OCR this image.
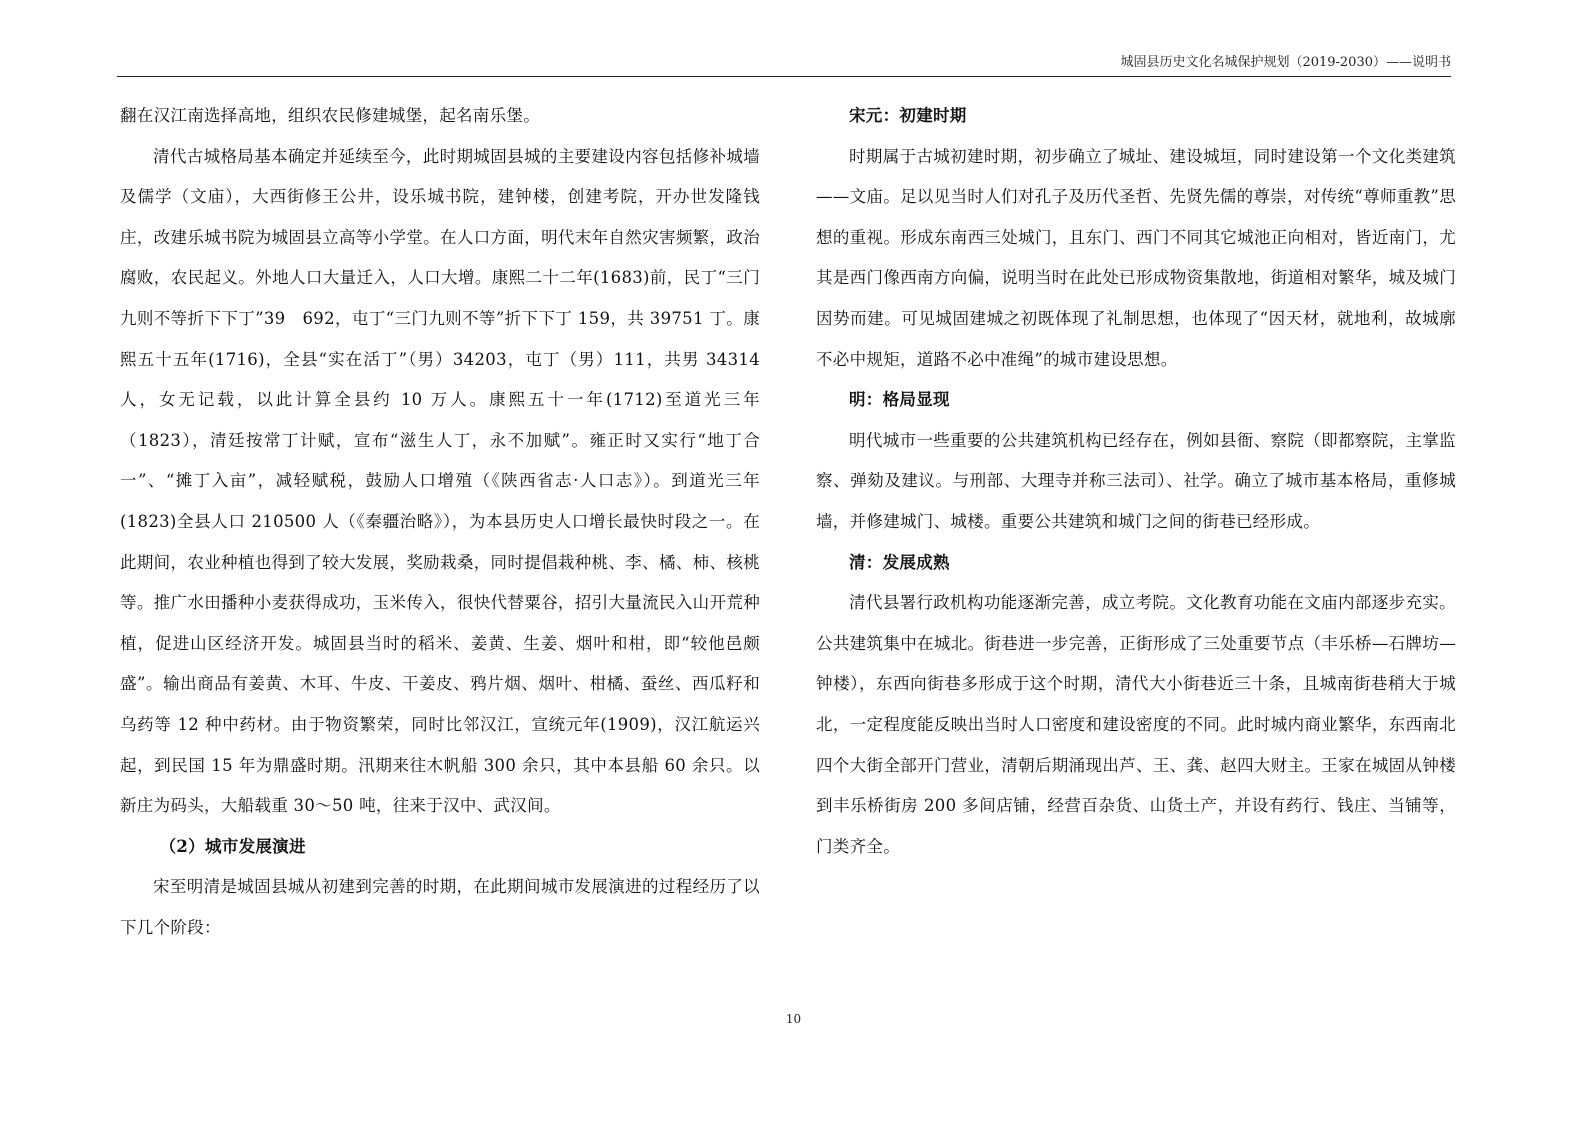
城固县历史文化名城保护规划（2019-2030）——说明书

翻在汉江南选择高地，组织农民修建城堡，起名南乐堡。

清代古城格局基本确定并延续至今，此时期城固县城的主要建设内容包括修补城墙及儒学（文庙），大西街修王公井，设乐城书院，建钟楼，创建考院，开办世发隆钱庄，改建乐城书院为城固县立高等小学堂。在人口方面，明代末年自然灾害频繁，政治腐败，农民起义。外地人口大量迁入，人口大增。康熙二十二年(1683)前，民丁“三门九则不等折下下丁”39　692，屯丁“三门九则不等”折下下丁 159，共 39751 丁。康熙五十五年(1716)，全县“实在活丁”（男）34203，屯丁（男）111，共男 34314 人，女无记载，以此计算全县约 10 万人。康熙五十一年(1712)至道光三年（1823），清廷按常丁计赋，宣布“滋生人丁，永不加赋”。雍正时又实行“地丁合一”、“摊丁入亩”，减轻赋税，鼓励人口增殖（《陕西省志·人口志》）。到道光三年(1823)全县人口 210500 人（《秦疆治略》），为本县历史人口增长最快时段之一。在此期间，农业种植也得到了较大发展，奖励栽桑，同时提倡栽种桃、李、橘、柿、核桃等。推广水田播种小麦获得成功，玉米传入，很快代替粟谷，招引大量流民入山开荒种植，促进山区经济开发。城固县当时的稻米、姜黄、生姜、烟叶和柑，即“较他邑颇盛”。输出商品有姜黄、木耳、牛皮、干姜皮、鸦片烟、烟叶、柑橘、蚕丝、西瓜籽和乌药等 12 种中药材。由于物资繁荣，同时比邻汉江，宣统元年(1909)，汉江航运兴起，到民国 15 年为鼎盛时期。汛期来往木帆船 300 余只，其中本县船 60 余只。以新庄为码头，大船载重 30～50 吨，往来于汉中、武汉间。

（2）城市发展演进

宋至明清是城固县城从初建到完善的时期，在此期间城市发展演进的过程经历了以下几个阶段：

宋元：初建时期

时期属于古城初建时期，初步确立了城址、建设城垣，同时建设第一个文化类建筑——文庙。足以见当时人们对孔子及历代圣哲、先贤先儒的尊崇，对传统“尊师重教”思想的重视。形成东南西三处城门，且东门、西门不同其它城池正向相对，皆近南门，尤其是西门像西南方向偏，说明当时在此处已形成物资集散地，街道相对繁华，城及城门因势而建。可见城固建城之初既体现了礼制思想，也体现了“因天材，就地利，故城廓不必中规矩，道路不必中准绳”的城市建设思想。

明：格局显现

明代城市一些重要的公共建筑机构已经存在，例如县衙、察院（即都察院，主掌监察、弹劾及建议。与刑部、大理寺并称三法司）、社学。确立了城市基本格局，重修城墙，并修建城门、城楼。重要公共建筑和城门之间的街巷已经形成。

清：发展成熟

清代县署行政机构功能逐渐完善，成立考院。文化教育功能在文庙内部逐步充实。公共建筑集中在城北。街巷进一步完善，正街形成了三处重要节点（丰乐桥—石牌坊—钟楼），东西向街巷多形成于这个时期，清代大小街巷近三十条，且城南街巷稍大于城北，一定程度能反映出当时人口密度和建设密度的不同。此时城内商业繁华，东西南北四个大街全部开门营业，清朝后期涌现出芦、王、龚、赵四大财主。王家在城固从钟楼到丰乐桥街房 200 多间店铺，经营百杂货、山货土产，并设有药行、钱庄、当铺等，门类齐全。

10
